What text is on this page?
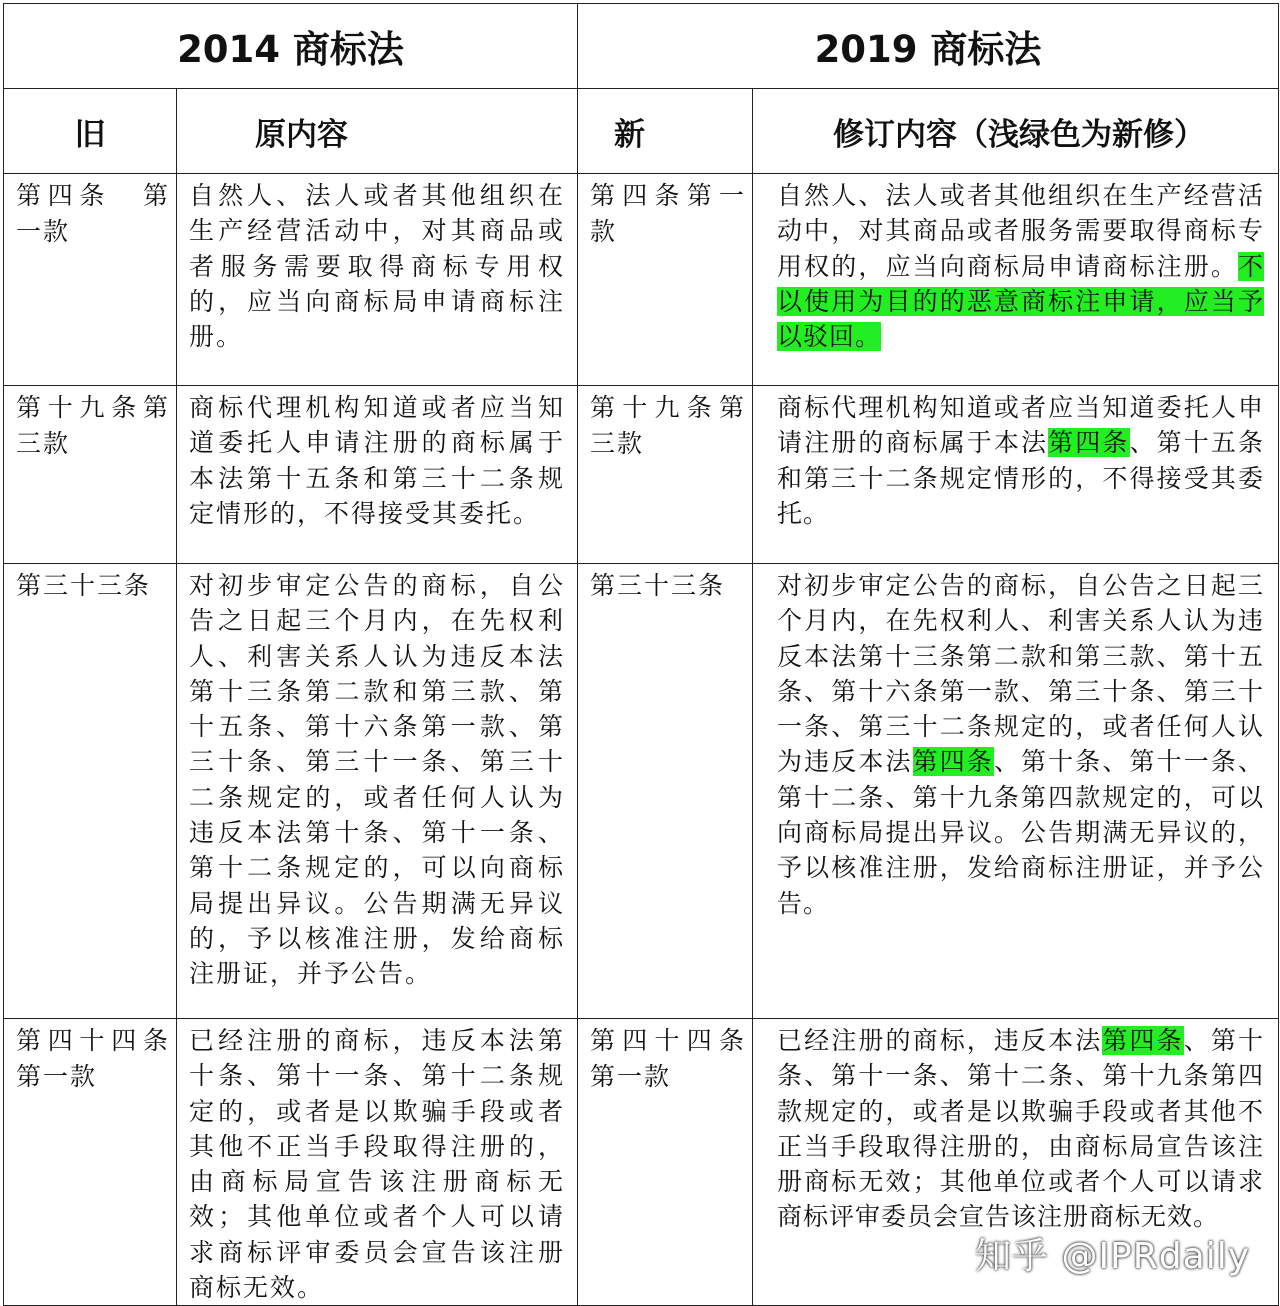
2014 商标法		2019 商标法	
旧	原内容	新	修订内容（浅绿色为新修）
第四条　第一款	自然人、法人或者其他组织在生产经营活动中，对其商品或者服务需要取得商标专用权的，应当向商标局申请商标注册。	第四条第一款	自然人、法人或者其他组织在生产经营活动中，对其商品或者服务需要取得商标专用权的，应当向商标局申请商标注册。不以使用为目的的恶意商标注申请，应当予以驳回。
第十九条第三款	商标代理机构知道或者应当知道委托人申请注册的商标属于本法第十五条和第三十二条规定情形的，不得接受其委托。	第十九条第三款	商标代理机构知道或者应当知道委托人申请注册的商标属于本法第四条、第十五条和第三十二条规定情形的，不得接受其委托。
第三十三条	对初步审定公告的商标，自公告之日起三个月内，在先权利人、利害关系人认为违反本法第十三条第二款和第三款、第十五条、第十六条第一款、第三十条、第三十一条、第三十二条规定的，或者任何人认为违反本法第十条、第十一条、第十二条规定的，可以向商标局提出异议。公告期满无异议的，予以核准注册，发给商标注册证，并予公告。	第三十三条	对初步审定公告的商标，自公告之日起三个月内，在先权利人、利害关系人认为违反本法第十三条第二款和第三款、第十五条、第十六条第一款、第三十条、第三十一条、第三十二条规定的，或者任何人认为违反本法第四条、第十条、第十一条、第十二条、第十九条第四款规定的，可以向商标局提出异议。公告期满无异议的，予以核准注册，发给商标注册证，并予公告。
第四十四条第一款	已经注册的商标，违反本法第十条、第十一条、第十二条规定的，或者是以欺骗手段或者其他不正当手段取得注册的，由商标局宣告该注册商标无效；其他单位或者个人可以请求商标评审委员会宣告该注册商标无效。	第四十四条第一款	已经注册的商标，违反本法第四条、第十条、第十一条、第十二条、第十九条第四款规定的，或者是以欺骗手段或者其他不正当手段取得注册的，由商标局宣告该注册商标无效；其他单位或者个人可以请求商标评审委员会宣告该注册商标无效。
知乎 @IPRdaily
